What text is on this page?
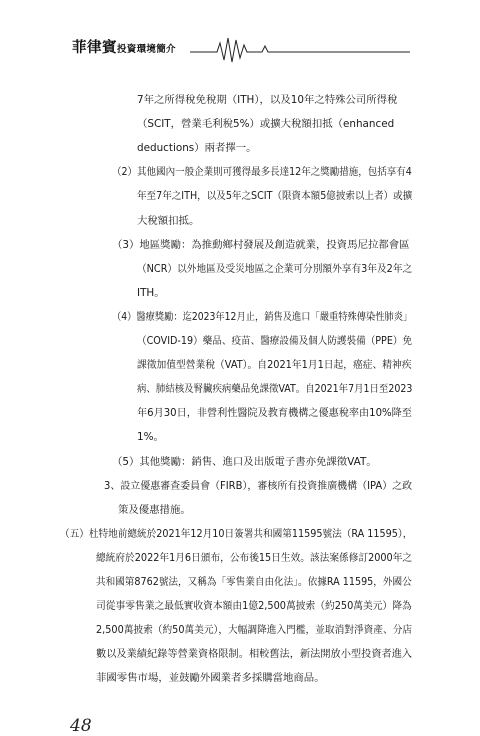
菲律賓投資環境簡介
7年之所得稅免稅期（ITH），以及10年之特殊公司所得稅
（SCIT，營業毛利稅5%）或擴大稅額扣抵（enhanced
deductions）兩者擇一。
（2）其他國內一般企業則可獲得最多長達12年之獎勵措施，包括享有4
年至7年之ITH，以及5年之SCIT（限資本額5億披索以上者）或擴
大稅額扣抵。
（3）地區獎勵：為推動鄉村發展及創造就業，投資馬尼拉都會區
（NCR）以外地區及受災地區之企業可分別額外享有3年及2年之
ITH。
（4）醫療獎勵：迄2023年12月止，銷售及進口「嚴重特殊傳染性肺炎」
（COVID-19）藥品、疫苗、醫療設備及個人防護裝備（PPE）免
課徵加值型營業稅（VAT）。自2021年1月1日起，癌症、精神疾
病、肺結核及腎臟疾病藥品免課徵VAT。自2021年7月1日至2023
年6月30日，非營利性醫院及教育機構之優惠稅率由10%降至
1%。
（5）其他獎勵：銷售、進口及出版電子書亦免課徵VAT。
3、設立優惠審查委員會（FIRB），審核所有投資推廣機構（IPA）之政
策及優惠措施。
（五）杜特地前總統於2021年12月10日簽署共和國第11595號法（RA 11595），
總統府於2022年1月6日頒布，公布後15日生效。該法案係修訂2000年之
共和國第8762號法，又稱為「零售業自由化法」。依據RA 11595，外國公
司從事零售業之最低實收資本額由1億2,500萬披索（約250萬美元）降為
2,500萬披索（約50萬美元），大幅調降進入門檻，並取消對淨資產、分店
數以及業績紀錄等營業資格限制。相較舊法，新法開放小型投資者進入
菲國零售市場，並鼓勵外國業者多採購當地商品。
48
